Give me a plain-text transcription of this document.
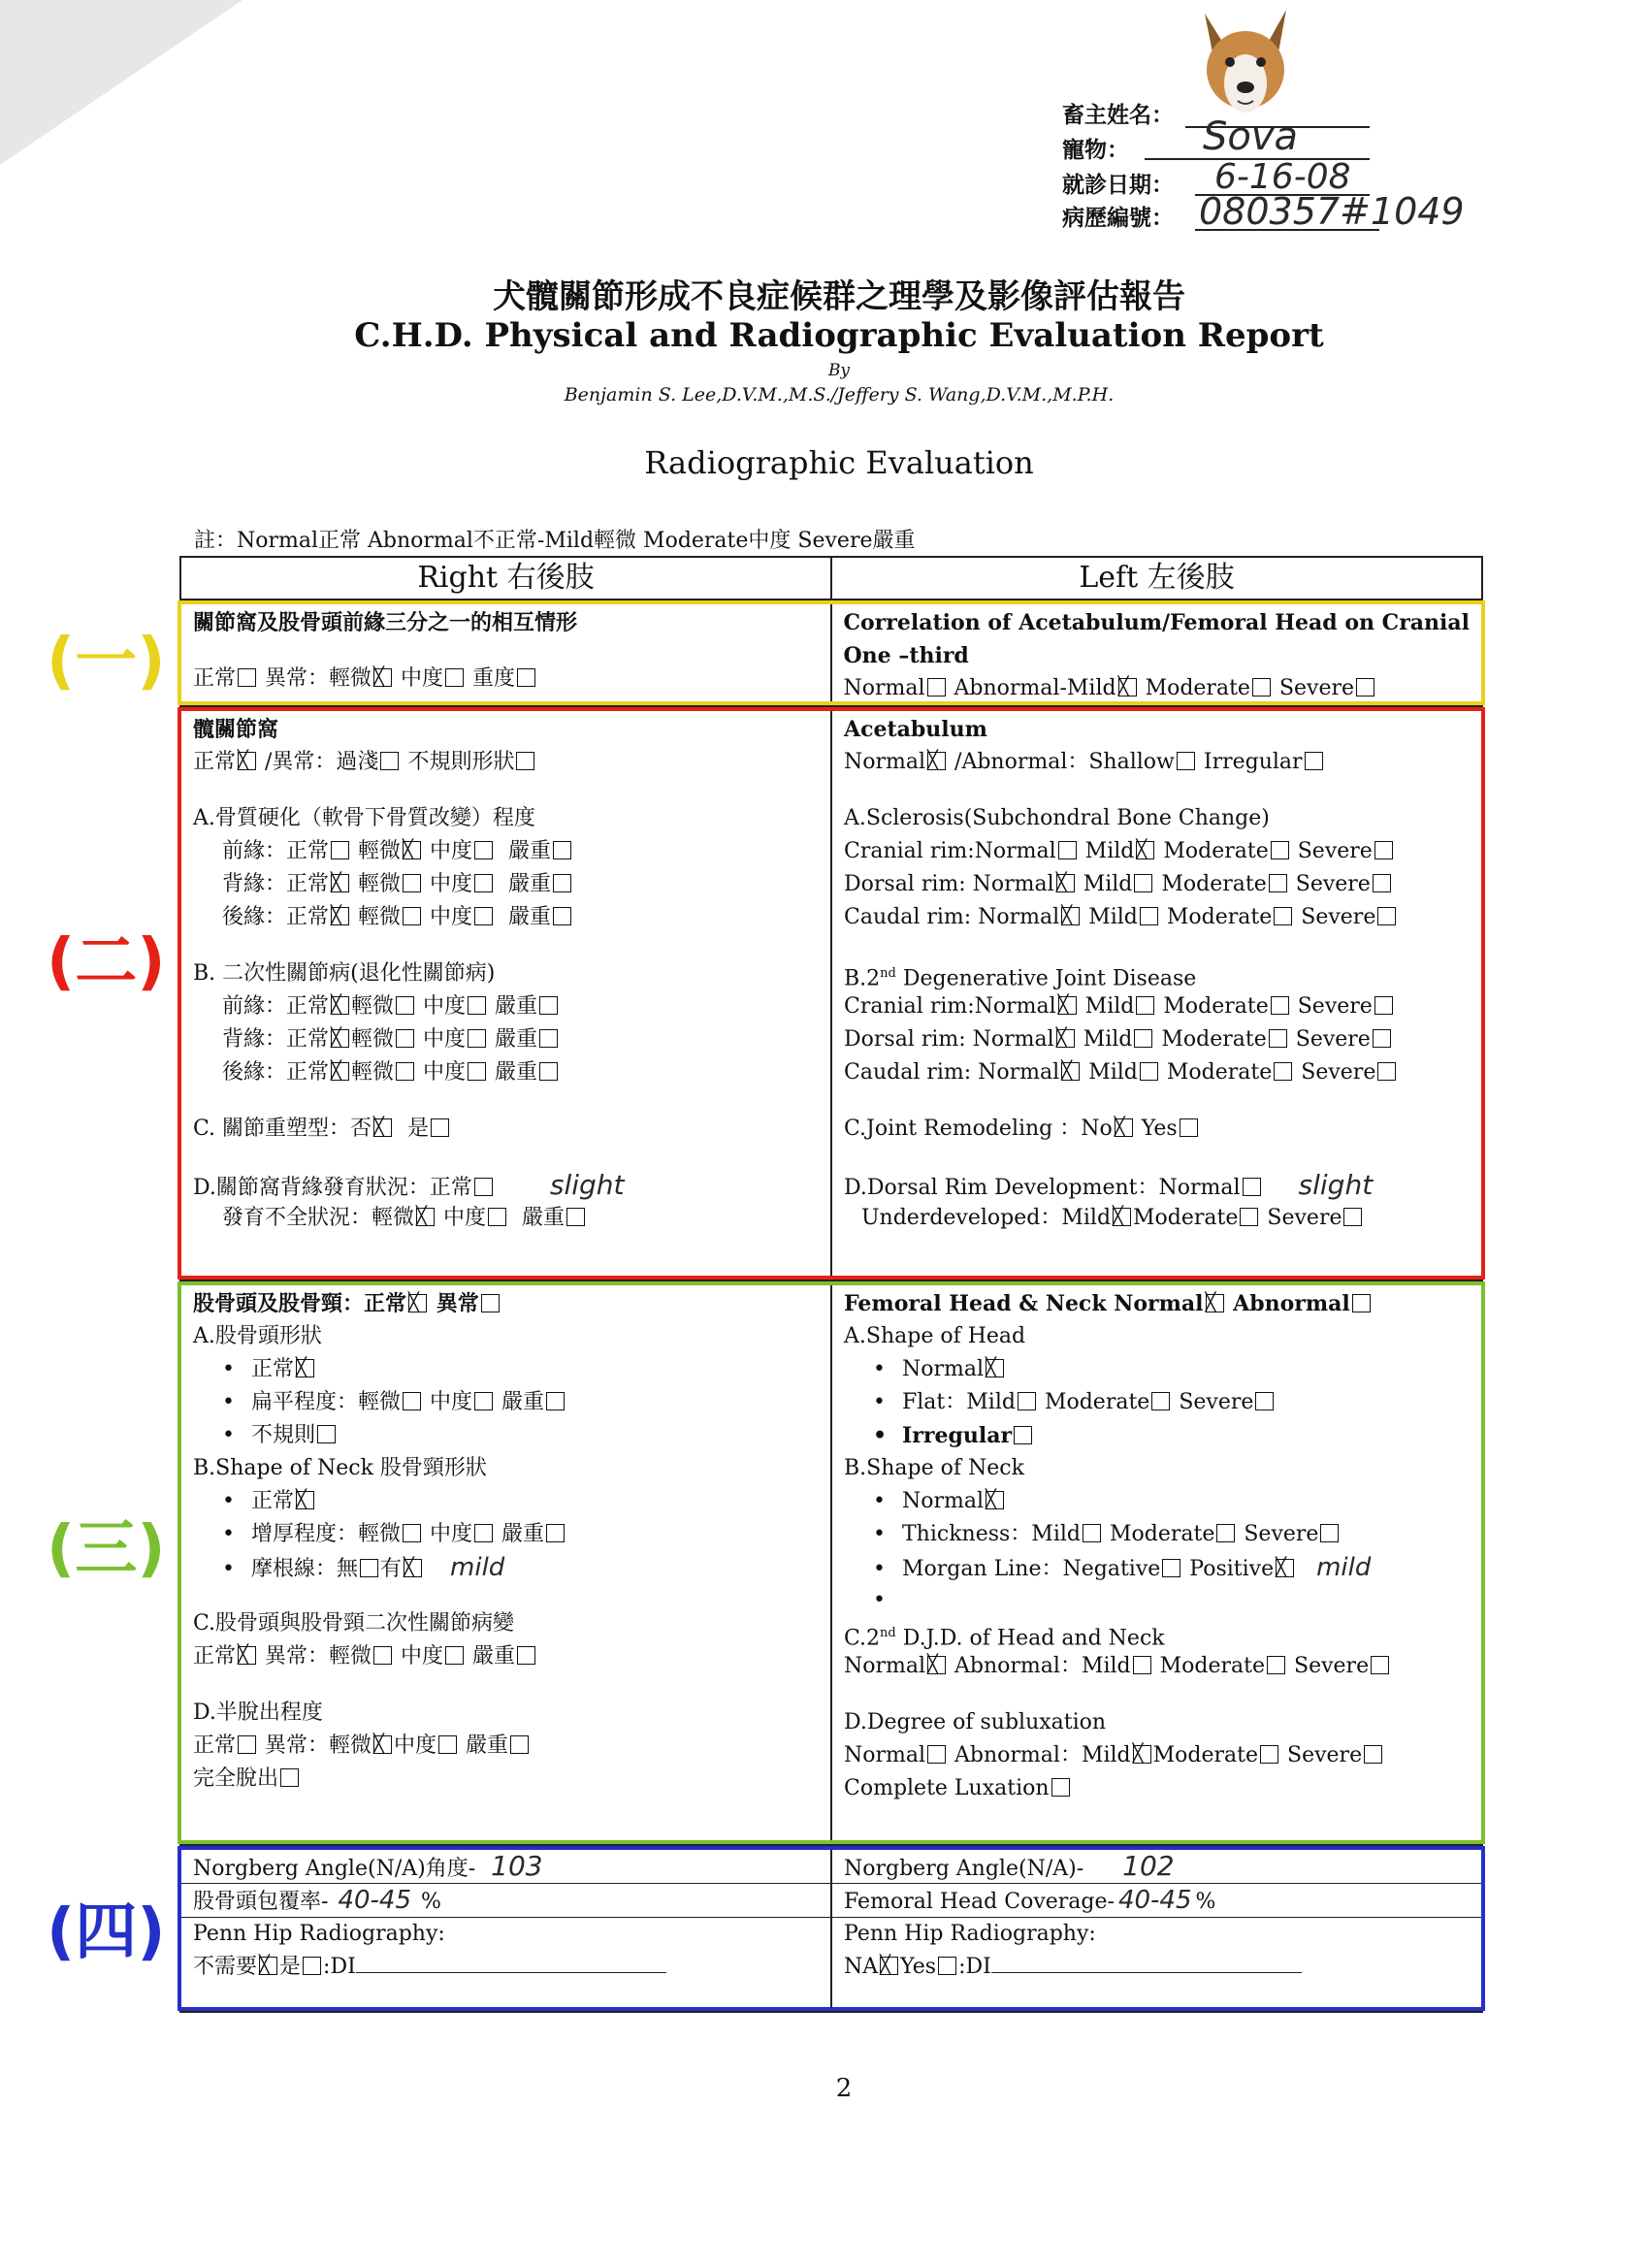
畜主姓名：
寵物： Sova
就診日期： 6-16-08
病歷編號： 080357#1049
犬髖關節形成不良症候群之理學及影像評估報告
C.H.D. Physical and Radiographic Evaluation Report
By
Benjamin S. Lee,D.V.M.,M.S./Jeffery S. Wang,D.V.M.,M.P.H.
Radiographic Evaluation
註：Normal正常 Abnormal不正常-Mild輕微 Moderate中度 Severe嚴重
(一)
(二)
(三)
(四)
Right 右後肢	Left 左後肢
關節窩及股骨頭前緣三分之一的相互情形
正常 異常：輕微 ╳ 中度 重度
Correlation of Acetabulum/Femoral Head on Cranial
One –third
Normal Abnormal-Mild ╳ Moderate Severe
髖關節窩
正常 ╳ /異常：過淺 不規則形狀
A.骨質硬化（軟骨下骨質改變）程度
前緣：正常 輕微 ╳ 中度 嚴重
背緣：正常 ╳ 輕微 中度 嚴重
後緣：正常 ╳ 輕微 中度 嚴重
B. 二次性關節病(退化性關節病)
前緣：正常 ╳ 輕微 中度 嚴重
背緣：正常 ╳ 輕微 中度 嚴重
後緣：正常 ╳ 輕微 中度 嚴重
C. 關節重塑型：否 ╳ 是
D.關節窩背緣發育狀況：正常	slight
發育不全狀況：輕微 ╳ 中度 嚴重
Acetabulum
Normal ╳ /Abnormal：Shallow Irregular
A.Sclerosis(Subchondral Bone Change)
Cranial rim:Normal Mild ╳ Moderate Severe
Dorsal rim: Normal ╳ Mild Moderate Severe
Caudal rim: Normal ╳ Mild Moderate Severe
B.2nd Degenerative Joint Disease
Cranial rim:Normal ╳ Mild Moderate Severe
Dorsal rim: Normal ╳ Mild Moderate Severe
Caudal rim: Normal ╳ Mild Moderate Severe
C.Joint Remodeling ：No ╳ Yes
D.Dorsal Rim Development：Normal slight
Underdeveloped：Mild ╳ Moderate Severe
股骨頭及股骨頸：正常 ╳ 異常
A.股骨頭形狀
• 正常╳
• 扁平程度：輕微 中度 嚴重
• 不規則
B.Shape of Neck 股骨頸形狀
• 正常╳
• 增厚程度：輕微 中度 嚴重
• 摩根線：無 有 ╳ mild
C.股骨頭與股骨頸二次性關節病變
正常 ╳ 異常：輕微 中度 嚴重
D.半脫出程度
正常 異常：輕微 ╳ 中度 嚴重
完全脫出
Femoral Head & Neck Normal ╳ Abnormal
A.Shape of Head
• Normal╳
• Flat：Mild Moderate Severe
• Irregular
B.Shape of Neck
• Normal╳
• Thickness：Mild Moderate Severe
• Morgan Line：Negative Positive ╳ mild
•
C.2nd D.J.D. of Head and Neck
Normal ╳ Abnormal：Mild Moderate Severe
D.Degree of subluxation
Normal Abnormal：Mild ╳ Moderate Severe
Complete Luxation
Norgberg Angle(N/A)角度- 103
股骨頭包覆率- 40-45 %
Penn Hip Radiography:
不需要 ╳ 是 :DI
Norgberg Angle(N/A)- 102
Femoral Head Coverage- 40-45 %
Penn Hip Radiography:
NA ╳ Yes :DI
2
